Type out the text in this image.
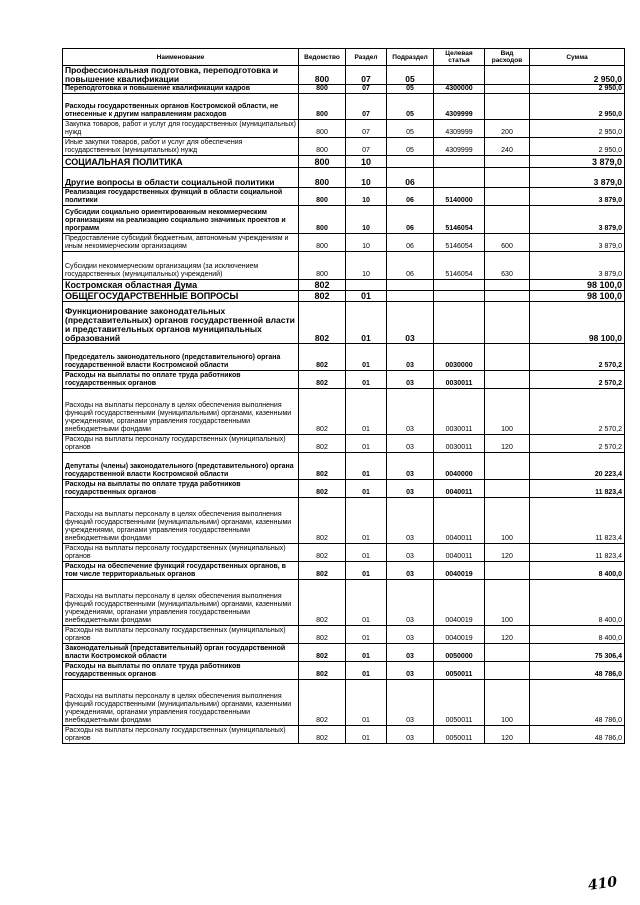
Наименование	Ведомство	Раздел	Подраздел	Целевая статья	Вид расходов	Сумма
Профессиональная подготовка, переподготовка и повышение квалификации	800	07	05			2 950,0
Переподготовка и повышение квалификации кадров	800	07	05	4300000		2 950,0
Расходы государственных органов Костромской области, не отнесенные к другим направлениям расходов	800	07	05	4309999		2 950,0
Закупка товаров, работ и услуг для государственных (муниципальных) нужд	800	07	05	4309999	200	2 950,0
Иные закупки товаров, работ и услуг для обеспечения государственных (муниципальных) нужд	800	07	05	4309999	240	2 950,0
СОЦИАЛЬНАЯ ПОЛИТИКА	800	10				3 879,0
Другие вопросы в области социальной политики	800	10	06			3 879,0
Реализация государственных функций в области социальной политики	800	10	06	5140000		3 879,0
Субсидии социально ориентированным некоммерческим организациям на реализацию социально значимых проектов и программ	800	10	06	5146054		3 879,0
Предоставление субсидий бюджетным, автономным учреждениям и иным некоммерческим организациям	800	10	06	5146054	600	3 879,0
Субсидии некоммерческим организациям (за исключением государственных (муниципальных) учреждений)	800	10	06	5146054	630	3 879,0
Костромская областная Дума	802					98 100,0
ОБЩЕГОСУДАРСТВЕННЫЕ ВОПРОСЫ	802	01				98 100,0
Функционирование законодательных (представительных) органов государственной власти и представительных органов муниципальных образований	802	01	03			98 100,0
Председатель законодательного (представительного) органа государственной власти Костромской области	802	01	03	0030000		2 570,2
Расходы на выплаты по оплате труда работников государственных органов	802	01	03	0030011		2 570,2
Расходы на выплаты персоналу в целях обеспечения выполнения функций государственными (муниципальными) органами, казенными учреждениями, органами управления государственными внебюджетными фондами	802	01	03	0030011	100	2 570,2
Расходы на выплаты персоналу государственных (муниципальных) органов	802	01	03	0030011	120	2 570,2
Депутаты (члены) законодательного (представительного) органа государственной власти Костромской области	802	01	03	0040000		20 223,4
Расходы на выплаты по оплате труда работников государственных органов	802	01	03	0040011		11 823,4
Расходы на выплаты персоналу в целях обеспечения выполнения функций государственными (муниципальными) органами, казенными учреждениями, органами управления государственными внебюджетными фондами	802	01	03	0040011	100	11 823,4
Расходы на выплаты персоналу государственных (муниципальных) органов	802	01	03	0040011	120	11 823,4
Расходы на обеспечение функций государственных органов, в том числе территориальных органов	802	01	03	0040019		8 400,0
Расходы на выплаты персоналу в целях обеспечения выполнения функций государственными (муниципальными) органами, казенными учреждениями, органами управления государственными внебюджетными фондами	802	01	03	0040019	100	8 400,0
Расходы на выплаты персоналу государственных (муниципальных) органов	802	01	03	0040019	120	8 400,0
Законодательный (представительный) орган государственной власти Костромской области	802	01	03	0050000		75 306,4
Расходы на выплаты по оплате труда работников государственных органов	802	01	03	0050011		48 786,0
Расходы на выплаты персоналу в целях обеспечения выполнения функций государственными (муниципальными) органами, казенными учреждениями, органами управления государственными внебюджетными фондами	802	01	03	0050011	100	48 786,0
Расходы на выплаты персоналу государственных (муниципальных) органов	802	01	03	0050011	120	48 786,0
410
